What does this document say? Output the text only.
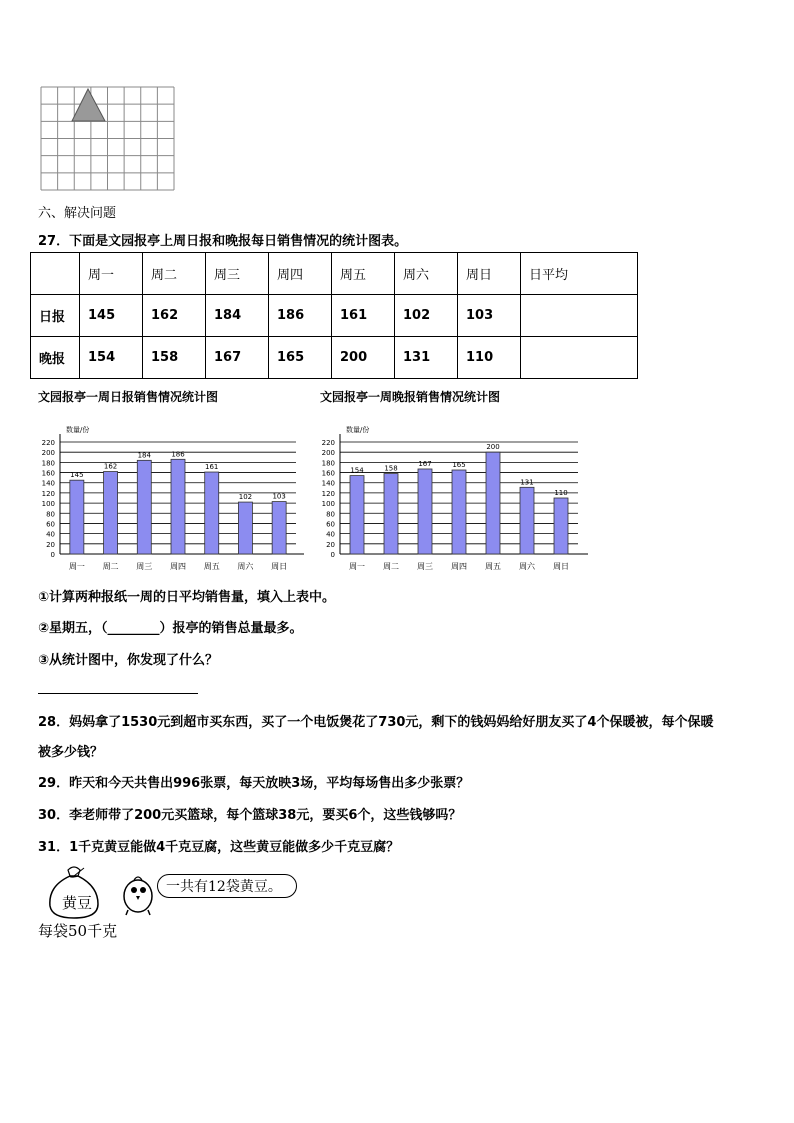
六、解决问题
27．下面是文园报亭上周日报和晚报每日销售情况的统计图表。
	周一	周二	周三	周四	周五	周六	周日	日平均
日报	145	162	184	186	161	102	103	
晚报	154	158	167	165	200	131	110	
文园报亭一周日报销售情况统计图	文园报亭一周晚报销售情况统计图
数量/份
0
20
40
60
80
100
120
140
160
180
200
220
145
周一
162
周二
184
周三
186
周四
161
周五
102
周六
103
周日
数量/份
0
20
40
60
80
100
120
140
160
180
200
220
154
周一
158
周二
167
周三
165
周四
200
周五
131
周六
110
周日
①计算两种报纸一周的日平均销售量，填入上表中。
②星期五，（________）报亭的销售总量最多。
③从统计图中，你发现了什么？
28．妈妈拿了1530元到超市买东西，买了一个电饭煲花了730元，剩下的钱妈妈给好朋友买了4个保暖被，每个保暖
被多少钱？
29．昨天和今天共售出996张票，每天放映3场，平均每场售出多少张票？
30．李老师带了200元买篮球，每个篮球38元，要买6个，这些钱够吗？
31．1千克黄豆能做4千克豆腐，这些黄豆能做多少千克豆腐？
黄豆
一共有12袋黄豆。
每袋50千克
